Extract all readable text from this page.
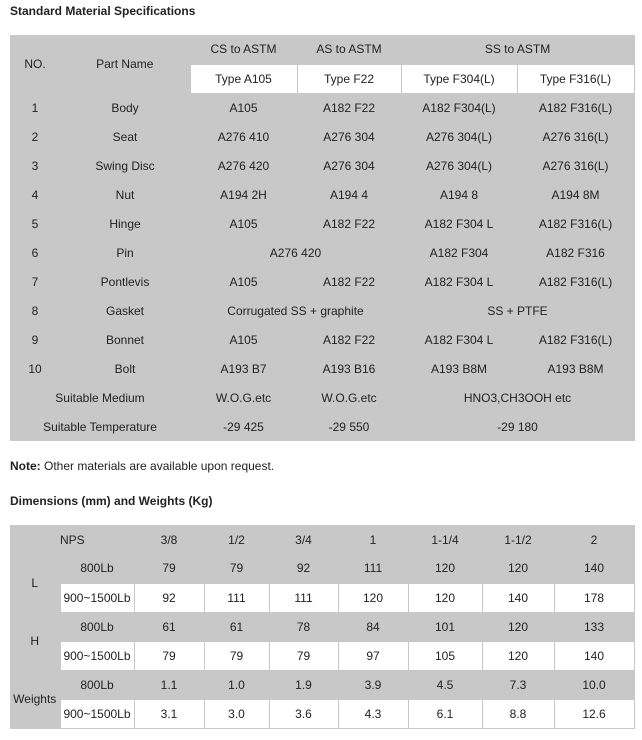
Standard Material Specifications
NO.	Part Name	CS to ASTM	AS to ASTM	SS to ASTM	
		Type A105	Type F22	Type F304(L)	Type F316(L)
1	Body	A105	A182 F22	A182 F304(L)	A182 F316(L)
2	Seat	A276 410	A276 304	A276 304(L)	A276 316(L)
3	Swing Disc	A276 420	A276 304	A276 304(L)	A276 316(L)
4	Nut	A194 2H	A194 4	A194 8	A194 8M
5	Hinge	A105	A182 F22	A182 F304 L	A182 F316(L)
6	Pin	A276 420		A182 F304	A182 F316
7	Pontlevis	A105	A182 F22	A182 F304 L	A182 F316(L)
8	Gasket	Corrugated SS + graphite		SS + PTFE	
9	Bonnet	A105	A182 F22	A182 F304 L	A182 F316(L)
10	Bolt	A193 B7	A193 B16	A193 B8M	A193 B8M
Suitable Medium		W.O.G.etc	W.O.G.etc	HNO3,CH3OOH etc	
Suitable Temperature		-29 425	-29 550	-29 180	
Note: Other materials are available upon request.
Dimensions (mm) and Weights (Kg)
NPS		3/8	1/2	3/4	1	1-1/4	1-1/2	2
L	800Lb	79	79	92	111	120	120	140
	900~1500Lb	92	111	111	120	120	140	178
H	800Lb	61	61	78	84	101	120	133
	900~1500Lb	79	79	79	97	105	120	140
Weights	800Lb	1.1	1.0	1.9	3.9	4.5	7.3	10.0
	900~1500Lb	3.1	3.0	3.6	4.3	6.1	8.8	12.6
